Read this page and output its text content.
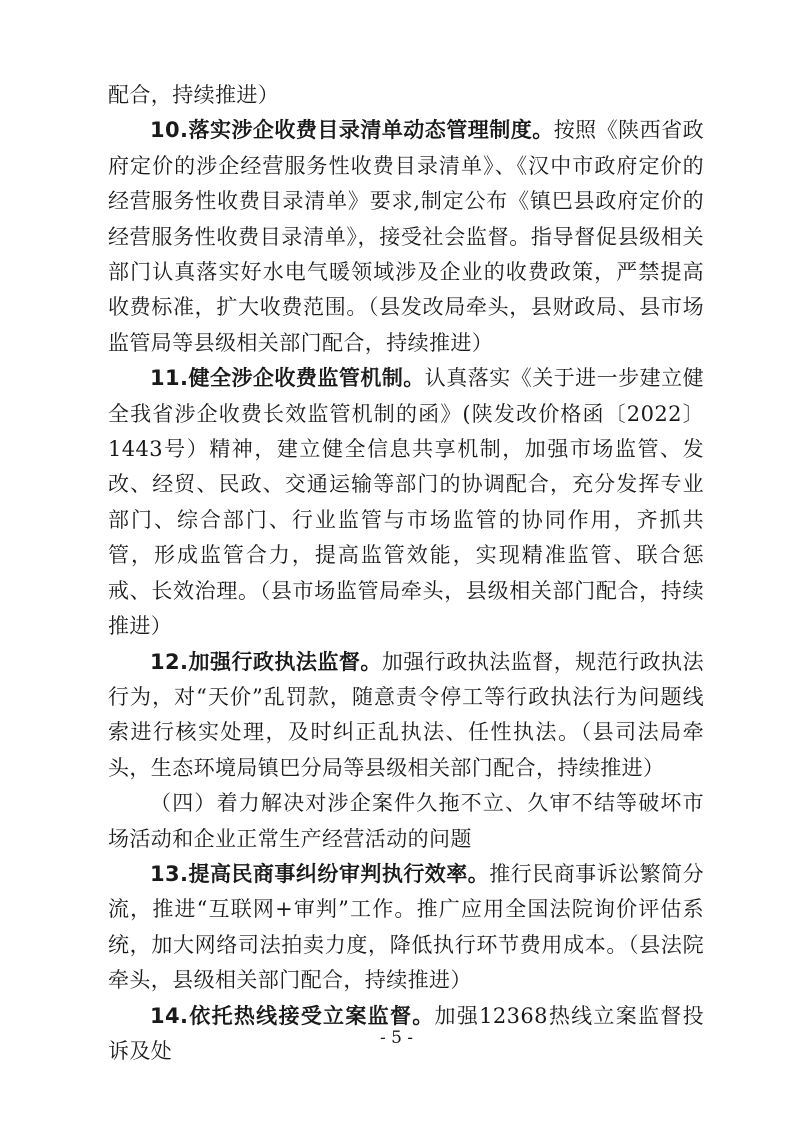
配合，持续推进）

10.落实涉企收费目录清单动态管理制度。按照《陕西省政府定价的涉企经营服务性收费目录清单》、《汉中市政府定价的经营服务性收费目录清单》要求,制定公布《镇巴县政府定价的经营服务性收费目录清单》，接受社会监督。指导督促县级相关部门认真落实好水电气暖领域涉及企业的收费政策，严禁提高收费标准，扩大收费范围。（县发改局牵头，县财政局、县市场监管局等县级相关部门配合，持续推进）

11.健全涉企收费监管机制。认真落实《关于进一步建立健全我省涉企收费长效监管机制的函》(陕发改价格函〔2022〕1443号）精神，建立健全信息共享机制，加强市场监管、发改、经贸、民政、交通运输等部门的协调配合，充分发挥专业部门、综合部门、行业监管与市场监管的协同作用，齐抓共管，形成监管合力，提高监管效能，实现精准监管、联合惩戒、长效治理。（县市场监管局牵头，县级相关部门配合，持续推进）

12.加强行政执法监督。加强行政执法监督，规范行政执法行为，对“天价”乱罚款，随意责令停工等行政执法行为问题线索进行核实处理，及时纠正乱执法、任性执法。（县司法局牵头，生态环境局镇巴分局等县级相关部门配合，持续推进）

（四）着力解决对涉企案件久拖不立、久审不结等破坏市场活动和企业正常生产经营活动的问题

13.提高民商事纠纷审判执行效率。推行民商事诉讼繁简分流，推进“互联网+审判”工作。推广应用全国法院询价评估系统，加大网络司法拍卖力度，降低执行环节费用成本。（县法院牵头，县级相关部门配合，持续推进）

14.依托热线接受立案监督。加强12368热线立案监督投诉及处

- 5 -
